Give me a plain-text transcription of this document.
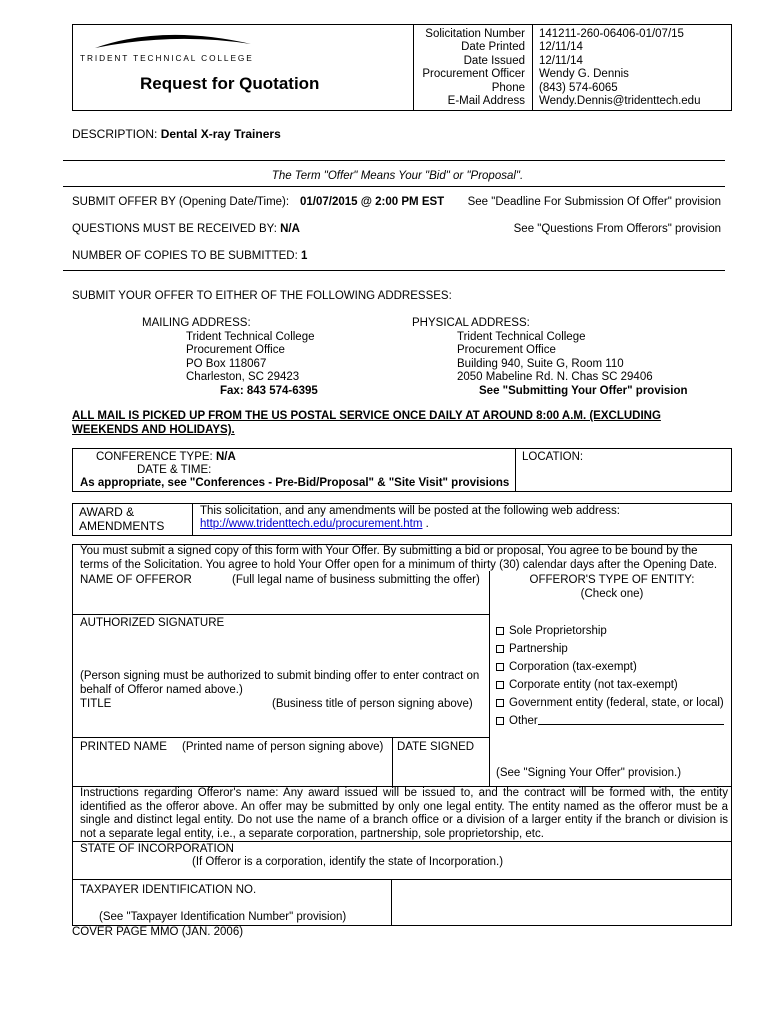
TRIDENT TECHNICAL COLLEGE
Request for Quotation
Solicitation Number 141211-260-06406-01/07/15
Date Printed 12/11/14
Date Issued 12/11/14
Procurement Officer Wendy G. Dennis
Phone (843) 574-6065
E-Mail Address Wendy.Dennis@tridenttech.edu
DESCRIPTION: Dental X-ray Trainers
The Term "Offer" Means Your "Bid" or "Proposal".
SUBMIT OFFER BY (Opening Date/Time): 01/07/2015 @ 2:00 PM EST See "Deadline For Submission Of Offer" provision
QUESTIONS MUST BE RECEIVED BY: N/A	See "Questions From Offerors" provision
NUMBER OF COPIES TO BE SUBMITTED: 1
SUBMIT YOUR OFFER TO EITHER OF THE FOLLOWING ADDRESSES:
MAILING ADDRESS:
Trident Technical College
Procurement Office
PO Box 118067
Charleston, SC 29423
Fax: 843 574-6395
PHYSICAL ADDRESS:
Trident Technical College
Procurement Office
Building 940, Suite G, Room 110
2050 Mabeline Rd. N. Chas SC 29406
See "Submitting Your Offer" provision
ALL MAIL IS PICKED UP FROM THE US POSTAL SERVICE ONCE DAILY AT AROUND 8:00 A.M. (EXCLUDING WEEKENDS AND HOLIDAYS).
CONFERENCE TYPE: N/A
DATE & TIME:
As appropriate, see "Conferences - Pre-Bid/Proposal" & "Site Visit" provisions
LOCATION:
AWARD &
AMENDMENTS
This solicitation, and any amendments will be posted at the following web address:
http://www.tridenttech.edu/procurement.htm .
You must submit a signed copy of this form with Your Offer. By submitting a bid or proposal, You agree to be bound by the terms of the Solicitation. You agree to hold Your Offer open for a minimum of thirty (30) calendar days after the Opening Date.
NAME OF OFFEROR	(Full legal name of business submitting the offer)	OFFEROR'S TYPE OF ENTITY:
(Check one)
Sole Proprietorship
Partnership
Corporation (tax-exempt)
Corporate entity (not tax-exempt)
Government entity (federal, state, or local)
Other
AUTHORIZED SIGNATURE
(Person signing must be authorized to submit binding offer to enter contract on behalf of Offeror named above.)
TITLE	(Business title of person signing above)
PRINTED NAME (Printed name of person signing above) DATE SIGNED
(See "Signing Your Offer" provision.)
Instructions regarding Offeror's name: Any award issued will be issued to, and the contract will be formed with, the entity identified as the offeror above. An offer may be submitted by only one legal entity. The entity named as the offeror must be a single and distinct legal entity. Do not use the name of a branch office or a division of a larger entity if the branch or division is not a separate legal entity, i.e., a separate corporation, partnership, sole proprietorship, etc.
STATE OF INCORPORATION
(If Offeror is a corporation, identify the state of Incorporation.)
TAXPAYER IDENTIFICATION NO.
(See "Taxpayer Identification Number" provision)
COVER PAGE MMO (JAN. 2006)
